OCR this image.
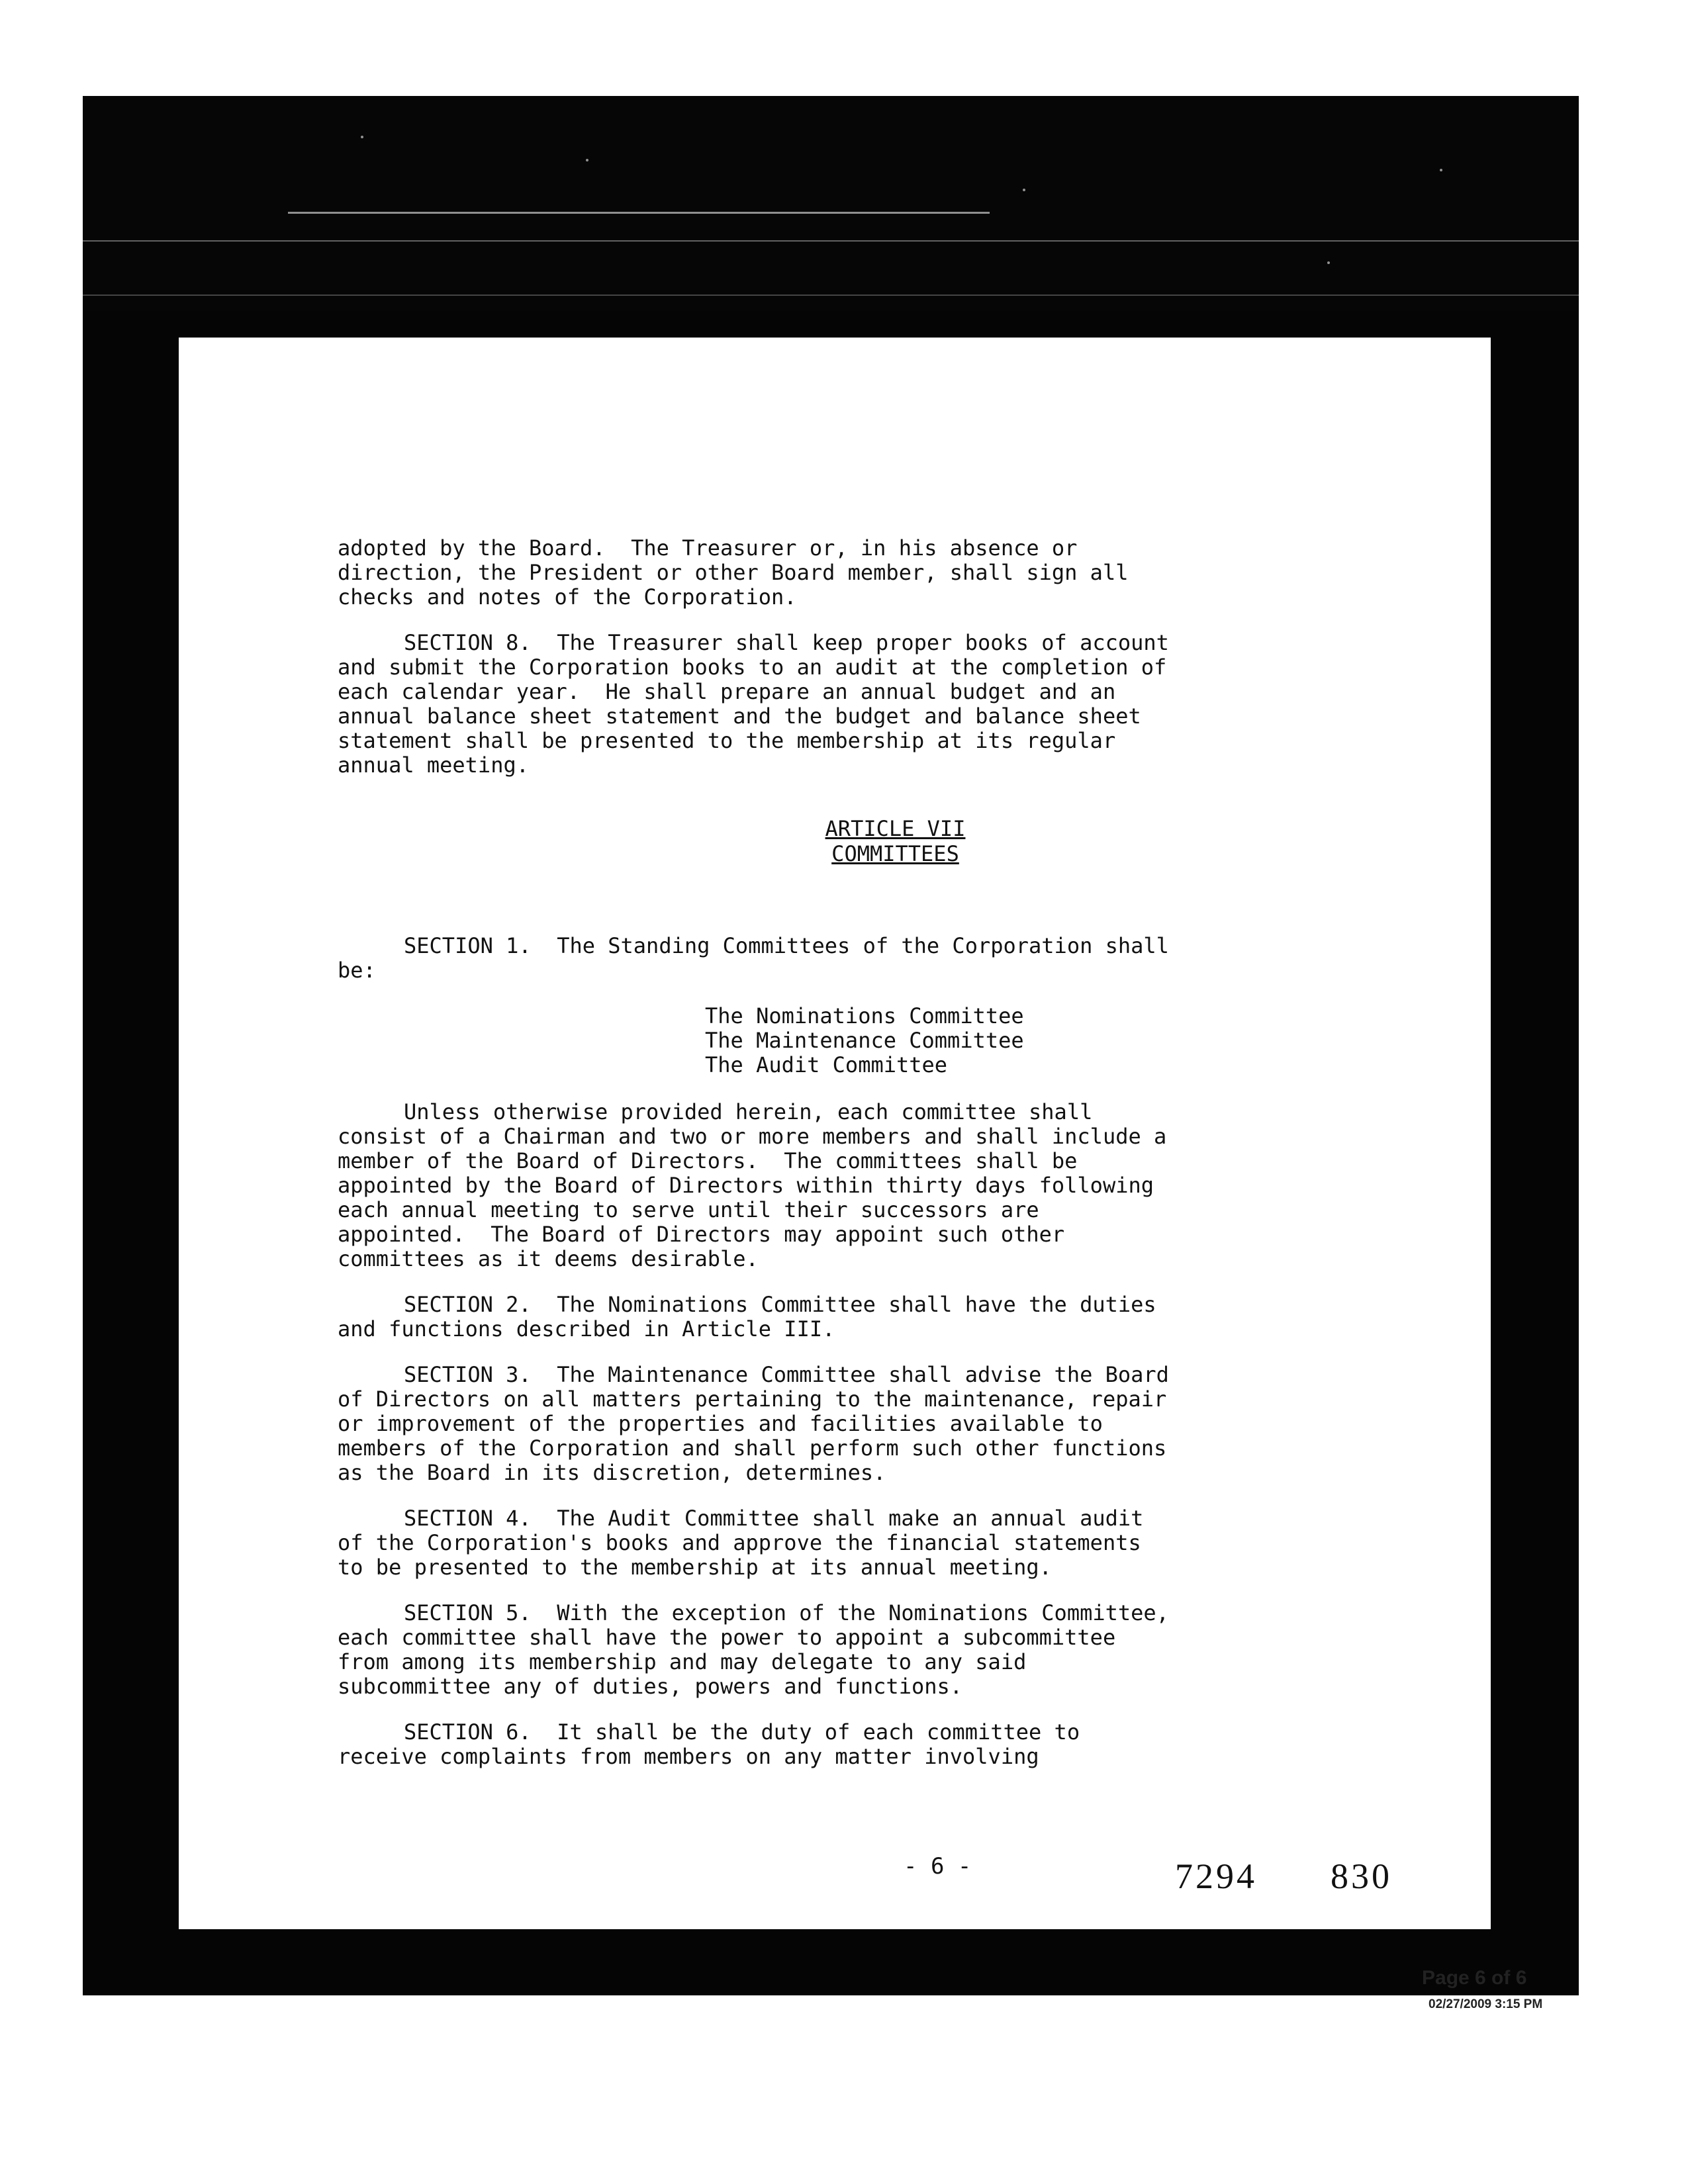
adopted by the Board.  The Treasurer or, in his absence or
direction, the President or other Board member, shall sign all
checks and notes of the Corporation.

SECTION 8.  The Treasurer shall keep proper books of account
and submit the Corporation books to an audit at the completion of
each calendar year.  He shall prepare an annual budget and an
annual balance sheet statement and the budget and balance sheet
statement shall be presented to the membership at its regular
annual meeting.

ARTICLE VII
COMMITTEES

SECTION 1.  The Standing Committees of the Corporation shall
be:

The Nominations Committee
The Maintenance Committee
The Audit Committee

Unless otherwise provided herein, each committee shall
consist of a Chairman and two or more members and shall include a
member of the Board of Directors.  The committees shall be
appointed by the Board of Directors within thirty days following
each annual meeting to serve until their successors are
appointed.  The Board of Directors may appoint such other
committees as it deems desirable.

SECTION 2.  The Nominations Committee shall have the duties
and functions described in Article III.

SECTION 3.  The Maintenance Committee shall advise the Board
of Directors on all matters pertaining to the maintenance, repair
or improvement of the properties and facilities available to
members of the Corporation and shall perform such other functions
as the Board in its discretion, determines.

SECTION 4.  The Audit Committee shall make an annual audit
of the Corporation's books and approve the financial statements
to be presented to the membership at its annual meeting.

SECTION 5.  With the exception of the Nominations Committee,
each committee shall have the power to appoint a subcommittee
from among its membership and may delegate to any said
subcommittee any of duties, powers and functions.

SECTION 6.  It shall be the duty of each committee to
receive complaints from members on any matter involving

- 6 -	7294 830
Page 6 of 6
02/27/2009 3:15 PM
